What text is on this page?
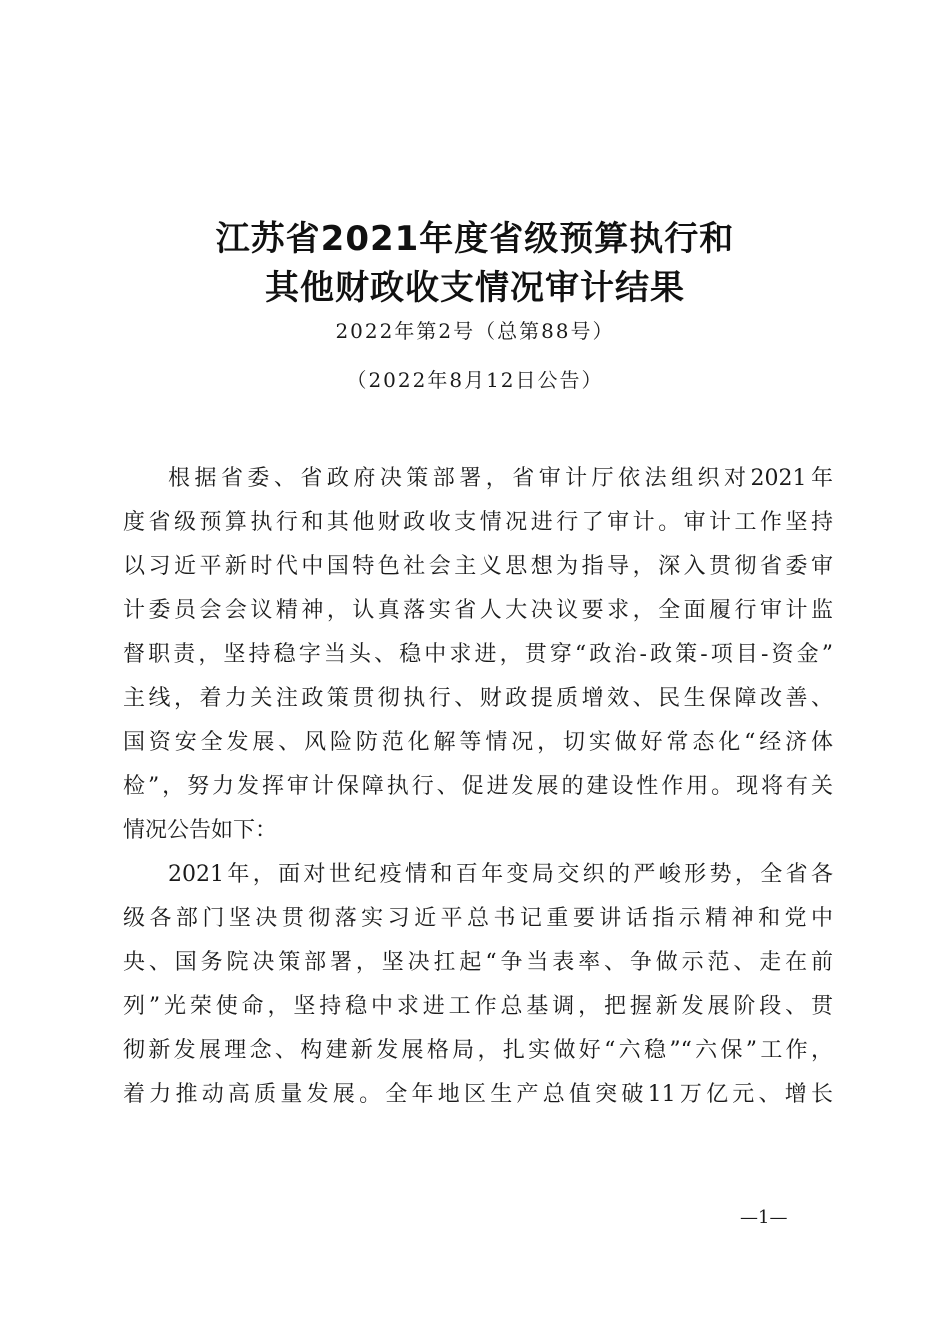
江苏省2021年度省级预算执行和
其他财政收支情况审计结果
2022年第2号（总第88号）
（2022年8月12日公告）
根据省委、省政府决策部署，省审计厅依法组织对2021年
度省级预算执行和其他财政收支情况进行了审计。审计工作坚持
以习近平新时代中国特色社会主义思想为指导，深入贯彻省委审
计委员会会议精神，认真落实省人大决议要求，全面履行审计监
督职责，坚持稳字当头、稳中求进，贯穿“政治-政策-项目-资金”
主线，着力关注政策贯彻执行、财政提质增效、民生保障改善、
国资安全发展、风险防范化解等情况，切实做好常态化“经济体
检”，努力发挥审计保障执行、促进发展的建设性作用。现将有关
情况公告如下：
2021年，面对世纪疫情和百年变局交织的严峻形势，全省各
级各部门坚决贯彻落实习近平总书记重要讲话指示精神和党中
央、国务院决策部署，坚决扛起“争当表率、争做示范、走在前
列”光荣使命，坚持稳中求进工作总基调，把握新发展阶段、贯
彻新发展理念、构建新发展格局，扎实做好“六稳”“六保”工作，
着力推动高质量发展。全年地区生产总值突破11万亿元、增长
—1—
